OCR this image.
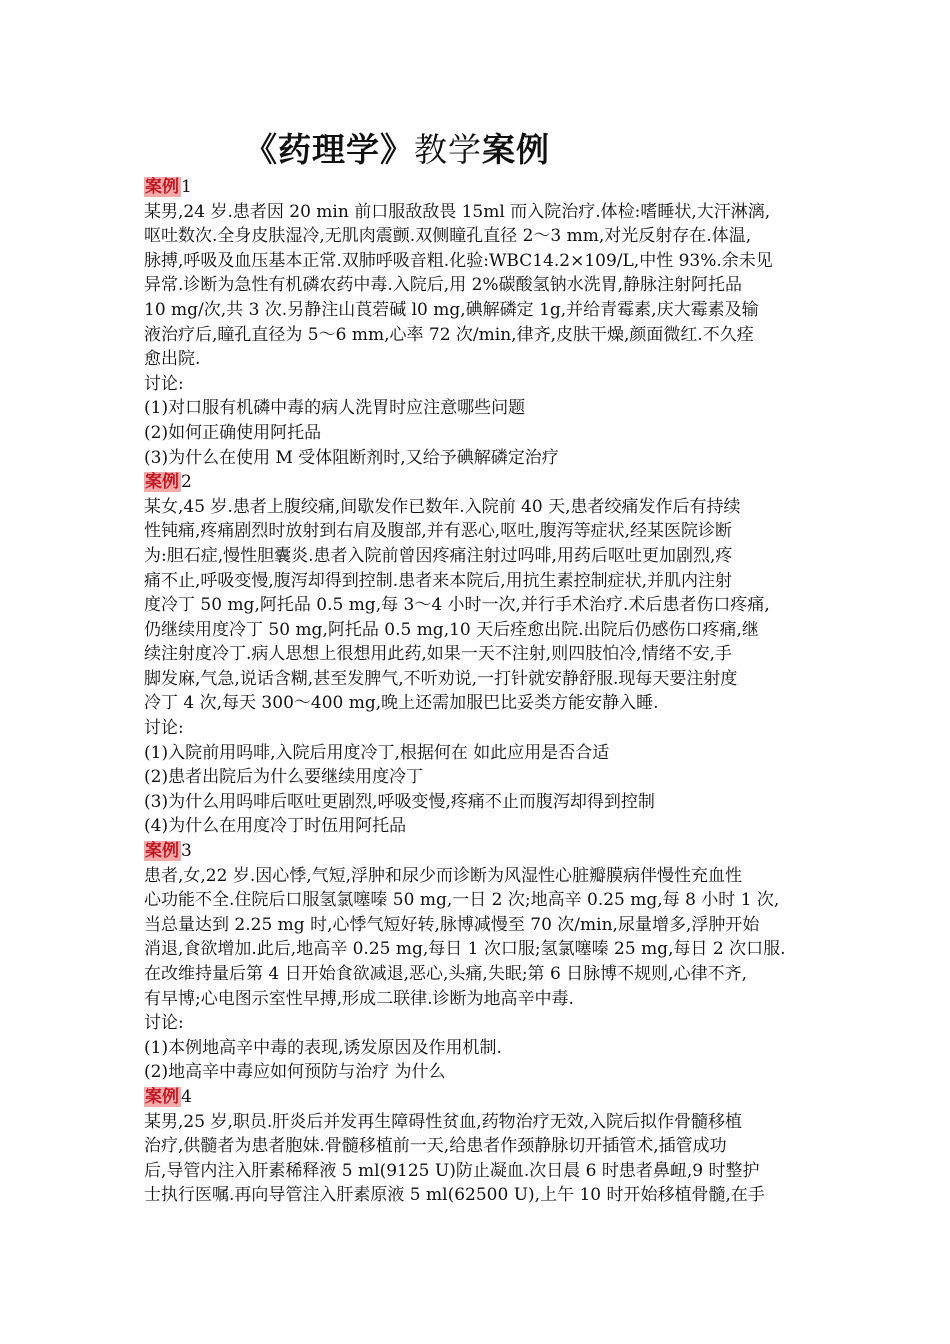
《药理学》教学案例
案例 1
某男,24 岁.患者因 20 min 前口服敌敌畏 15ml 而入院治疗.体检:嗜睡状,大汗淋漓,
呕吐数次.全身皮肤湿冷,无肌肉震颤.双侧瞳孔直径 2～3 mm,对光反射存在.体温,
脉搏,呼吸及血压基本正常.双肺呼吸音粗.化验:WBC14.2×109/L,中性 93%.余未见
异常.诊断为急性有机磷农药中毒.入院后,用 2%碳酸氢钠水洗胃,静脉注射阿托品
10 mg/次,共 3 次.另静注山莨菪碱 l0 mg,碘解磷定 1g,并给青霉素,庆大霉素及输
液治疗后,瞳孔直径为 5～6 mm,心率 72 次/min,律齐,皮肤干燥,颜面微红.不久痊
愈出院.
讨论:
(1)对口服有机磷中毒的病人洗胃时应注意哪些问题
(2)如何正确使用阿托品
(3)为什么在使用 M 受体阻断剂时,又给予碘解磷定治疗
案例 2
某女,45 岁.患者上腹绞痛,间歇发作已数年.入院前 40 天,患者绞痛发作后有持续
性钝痛,疼痛剧烈时放射到右肩及腹部,并有恶心,呕吐,腹泻等症状,经某医院诊断
为:胆石症,慢性胆囊炎.患者入院前曾因疼痛注射过吗啡,用药后呕吐更加剧烈,疼
痛不止,呼吸变慢,腹泻却得到控制.患者来本院后,用抗生素控制症状,并肌内注射
度冷丁 50 mg,阿托品 0.5 mg,每 3～4 小时一次,并行手术治疗.术后患者伤口疼痛,
仍继续用度冷丁 50 mg,阿托品 0.5 mg,10 天后痊愈出院.出院后仍感伤口疼痛,继
续注射度冷丁.病人思想上很想用此药,如果一天不注射,则四肢怕冷,情绪不安,手
脚发麻,气急,说话含糊,甚至发脾气,不听劝说,一打针就安静舒服.现每天要注射度
冷丁 4 次,每天 300～400 mg,晚上还需加服巴比妥类方能安静入睡.
讨论:
(1)入院前用吗啡,入院后用度冷丁,根据何在 如此应用是否合适
(2)患者出院后为什么要继续用度冷丁
(3)为什么用吗啡后呕吐更剧烈,呼吸变慢,疼痛不止而腹泻却得到控制
(4)为什么在用度冷丁时伍用阿托品
案例 3
患者,女,22 岁.因心悸,气短,浮肿和尿少而诊断为风湿性心脏瓣膜病伴慢性充血性
心功能不全.住院后口服氢氯噻嗪 50 mg,一日 2 次;地高辛 0.25 mg,每 8 小时 1 次,
当总量达到 2.25 mg 时,心悸气短好转,脉博减慢至 70 次/min,尿量增多,浮肿开始
消退,食欲增加.此后,地高辛 0.25 mg,每日 1 次口服;氢氯噻嗪 25 mg,每日 2 次口服.
在改维持量后第 4 日开始食欲减退,恶心,头痛,失眠;第 6 日脉博不规则,心律不齐,
有早博;心电图示室性早搏,形成二联律.诊断为地高辛中毒.
讨论:
(1)本例地高辛中毒的表现,诱发原因及作用机制.
(2)地高辛中毒应如何预防与治疗 为什么
案例 4
某男,25 岁,职员.肝炎后并发再生障碍性贫血,药物治疗无效,入院后拟作骨髓移植
治疗,供髓者为患者胞妹.骨髓移植前一天,给患者作颈静脉切开插管术,插管成功
后,导管内注入肝素稀释液 5 ml(9125 U)防止凝血.次日晨 6 时患者鼻衄,9 时整护
士执行医嘱.再向导管注入肝素原液 5 ml(62500 U),上午 10 时开始移植骨髓,在手
